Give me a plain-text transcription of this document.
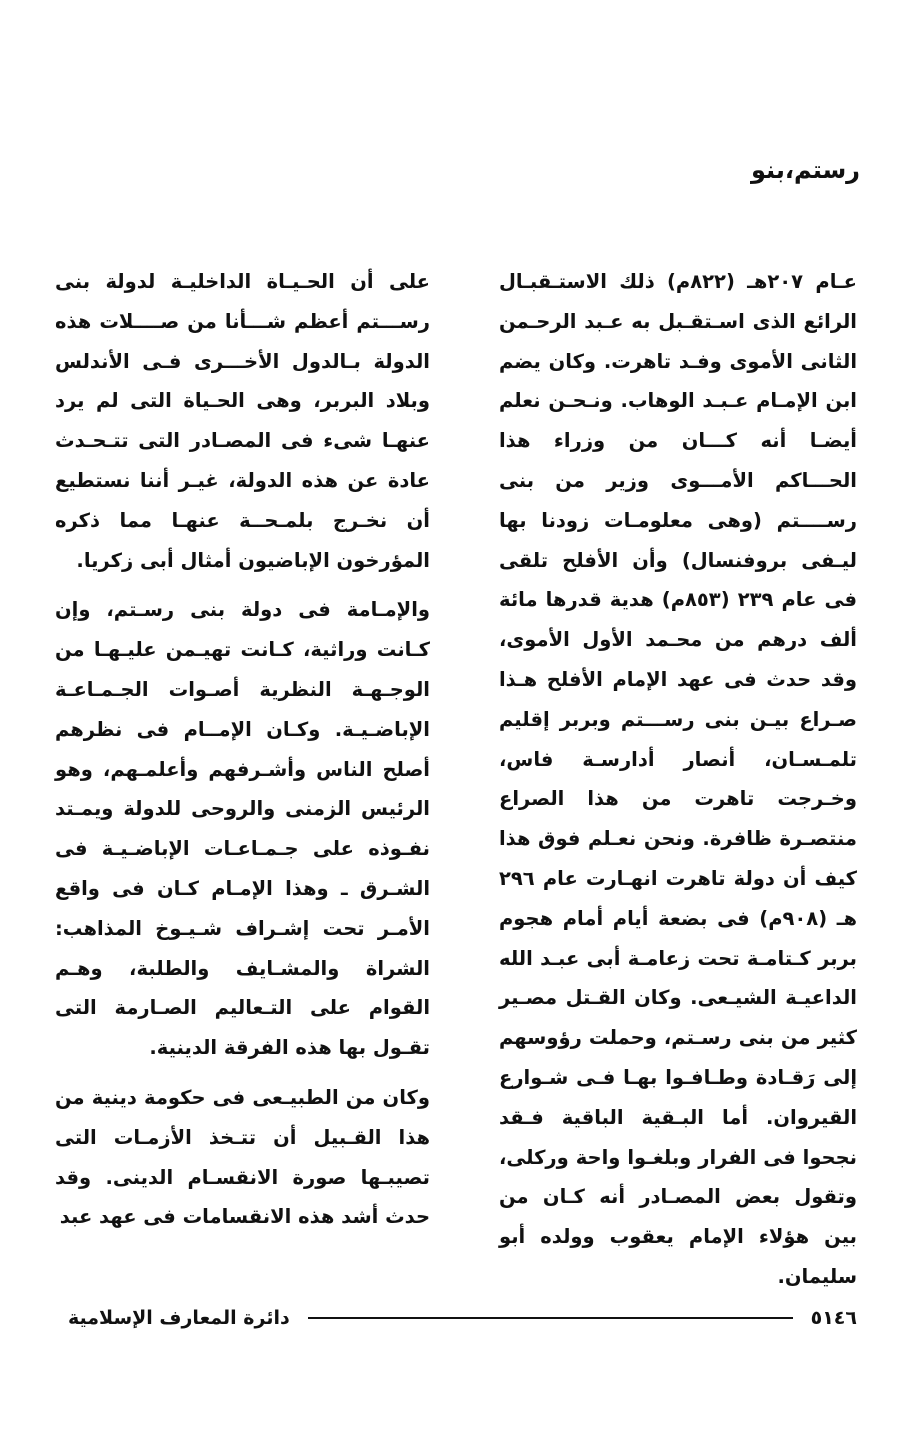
رستم،بنو

عـام ٢٠٧هـ (٨٢٢م) ذلك الاستـقبـال الرائع الذى اسـتقـبل به عـبد الرحـمن الثانى الأموى وفـد تاهرت. وكان يضم ابن الإمـام عـبـد الوهاب. ونـحـن نعلم أيضـا أنه كـــان من وزراء هذا الحـــاكم الأمـــوى وزير من بنى رســــتم (وهى معلومـات زودنا بها ليـفى بروفنسال) وأن الأفلح تلقى فى عام ٢٣٩ (٨٥٣م) هدية قدرها مائة ألف درهم من محـمد الأول الأموى، وقد حدث فى عهد الإمام الأفلح هـذا صـراع بيـن بنى رســـتم وبربر إقليم تلمـسـان، أنصار أدارسـة فاس، وخـرجت تاهرت من هذا الصراع منتصـرة ظافرة. ونحن نعـلم فوق هذا كيف أن دولة تاهرت انهـارت عام ٢٩٦ هـ (٩٠٨م) فى بضعة أيام أمام هجوم بربر كـتامـة تحت زعامـة أبى عبـد الله الداعيـة الشيـعى. وكان القـتل مصـير كثير من بنى رسـتم، وحملت رؤوسهم إلى رَقـادة وطـافـوا بهـا فـى شـوارع القيروان. أما البـقية الباقية فـقد نجحوا فى الفرار وبلغـوا واحة وركلى، وتقول بعض المصـادر أنه كـان من بين هؤلاء الإمام يعقوب وولده أبو سليمان.

على أن الحـيـاة الداخليـة لدولة بنى رســـتم أعظم شـــأنا من صــــلات هذه الدولة بـالدول الأخـــرى فـى الأندلس وبلاد البربر، وهى الحـياة التى لم يرد عنهـا شىء فى المصـادر التى تتـحـدث عادة عن هذه الدولة، غيـر أننا نستطيع أن نخـرج بلمـحــة عنهـا مما ذكره المؤرخون الإباضيون أمثال أبى زكريا.

والإمـامة فى دولة بنى رسـتم، وإن كـانت وراثية، كـانت تهيـمن عليـهـا من الوجـهـة النظرية أصـوات الجـمـاعـة الإباضـيـة. وكـان الإمــام فى نظرهم أصلح الناس وأشـرفهم وأعلمـهم، وهو الرئيس الزمنى والروحى للدولة ويمـتد نفـوذه على جـمـاعـات الإباضـيـة فى الشـرق ـ وهذا الإمـام كـان فى واقع الأمـر تحت إشـراف شـيـوخ المذاهب: الشراة والمشـايف والطلبة، وهـم القوام على التـعاليم الصـارمة التى تقـول بها هذه الفرقة الدينية.

وكان من الطبيـعى فى حكومة دينية من هذا القـبيل أن تتـخذ الأزمـات التى تصيبـها صورة الانقسـام الدينى. وقد حدث أشد هذه الانقسامات فى عهد عبد

٥١٤٦
دائرة المعارف الإسلامية
